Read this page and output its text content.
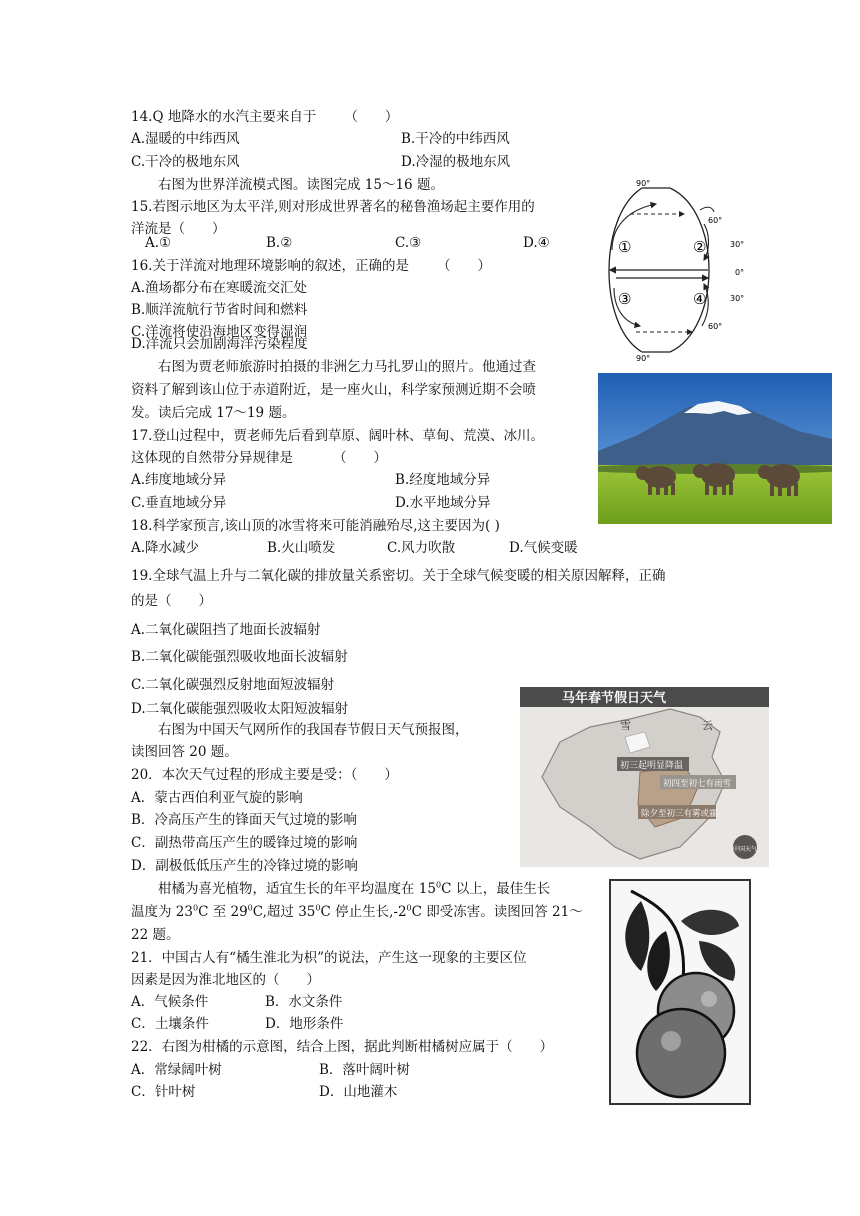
14.Q 地降水的水汽主要来自于 （　　）
A.湿暖的中纬西风	B.干冷的中纬西风
C.干冷的极地东风	D.冷湿的极地东风
右图为世界洋流模式图。读图完成 15～16 题。
15.若图示地区为太平洋,则对形成世界著名的秘鲁渔场起主要作用的
洋流是（　　）
A.①	B.②	C.③	D.④
16.关于洋流对地理环境影响的叙述，正确的是 （　　）
A.渔场都分布在寒暖流交汇处
B.顺洋流航行节省时间和燃料
C.洋流将使沿海地区变得湿润
D.洋流只会加剧海洋污染程度
90°
60°
30°
0°
30°
60°
90°
①	②
③	④
右图为贾老师旅游时拍摄的非洲乞力马扎罗山的照片。他通过查
资料了解到该山位于赤道附近，是一座火山，科学家预测近期不会喷
发。读后完成 17～19 题。
17.登山过程中，贾老师先后看到草原、阔叶林、草甸、荒漠、冰川。
这体现的自然带分异规律是	（　　）
A.纬度地域分异	B.经度地域分异
C.垂直地域分异	D.水平地域分异
18.科学家预言,该山顶的冰雪将来可能消融殆尽,这主要因为( )
A.降水减少	B.火山喷发	C.风力吹散	D.气候变暖
19.全球气温上升与二氧化碳的排放量关系密切。关于全球气候变暖的相关原因解释，正确
的是（　　）
A.二氧化碳阻挡了地面长波辐射
B.二氧化碳能强烈吸收地面长波辐射
C.二氧化碳强烈反射地面短波辐射
D.二氧化碳能强烈吸收太阳短波辐射
马年春节假日天气
初三起明显降温
初四至初七有雨雪
除夕至初三有雾或霾
雪	云
中国天气
右图为中国天气网所作的我国春节假日天气预报图，
读图回答 20 题。
20．本次天气过程的形成主要是受：（　　）
A．蒙古西伯利亚气旋的影响
B．冷高压产生的锋面天气过境的影响
C．副热带高压产生的暖锋过境的影响
D．副极低低压产生的冷锋过境的影响
柑橘为喜光植物，适宜生长的年平均温度在 $15^0C$ 以上，最佳生长
温度为 $23^0C$ 至 $29^0C$,超过 $35^0C$ 停止生长$,-2^0C$ 即受冻害。读图回答 21～
22 题。
21．中国古人有“橘生淮北为枳”的说法，产生这一现象的主要区位
因素是因为淮北地区的（　　）
A．气候条件	B．水文条件
C．土壤条件	D．地形条件
22．右图为柑橘的示意图，结合上图，据此判断柑橘树应属于（　　）
A．常绿阔叶树	B．落叶阔叶树
C．针叶树	D．山地灌木
